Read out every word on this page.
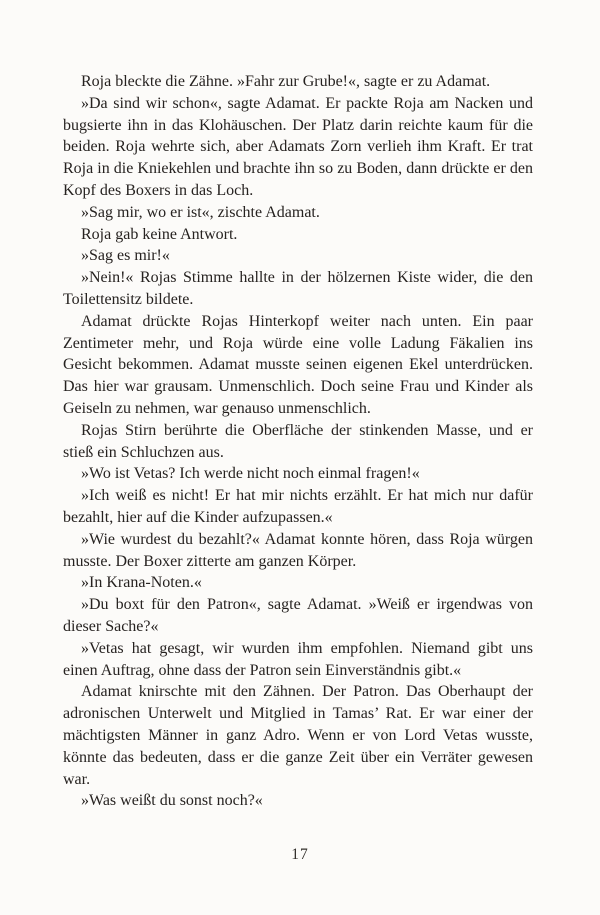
Roja bleckte die Zähne. »Fahr zur Grube!«, sagte er zu Adamat.

»Da sind wir schon«, sagte Adamat. Er packte Roja am Nacken und bugsierte ihn in das Klohäuschen. Der Platz darin reichte kaum für die beiden. Roja wehrte sich, aber Adamats Zorn verlieh ihm Kraft. Er trat Roja in die Kniekehlen und brachte ihn so zu Boden, dann drückte er den Kopf des Boxers in das Loch.

»Sag mir, wo er ist«, zischte Adamat.

Roja gab keine Antwort.

»Sag es mir!«

»Nein!« Rojas Stimme hallte in der hölzernen Kiste wider, die den Toilettensitz bildete.

Adamat drückte Rojas Hinterkopf weiter nach unten. Ein paar Zentimeter mehr, und Roja würde eine volle Ladung Fäkalien ins Gesicht bekommen. Adamat musste seinen eigenen Ekel unterdrücken. Das hier war grausam. Unmenschlich. Doch seine Frau und Kinder als Geiseln zu nehmen, war genauso unmenschlich.

Rojas Stirn berührte die Oberfläche der stinkenden Masse, und er stieß ein Schluchzen aus.

»Wo ist Vetas? Ich werde nicht noch einmal fragen!«

»Ich weiß es nicht! Er hat mir nichts erzählt. Er hat mich nur dafür bezahlt, hier auf die Kinder aufzupassen.«

»Wie wurdest du bezahlt?« Adamat konnte hören, dass Roja würgen musste. Der Boxer zitterte am ganzen Körper.

»In Krana-Noten.«

»Du boxt für den Patron«, sagte Adamat. »Weiß er irgendwas von dieser Sache?«

»Vetas hat gesagt, wir wurden ihm empfohlen. Niemand gibt uns einen Auftrag, ohne dass der Patron sein Einverständnis gibt.«

Adamat knirschte mit den Zähnen. Der Patron. Das Oberhaupt der adronischen Unterwelt und Mitglied in Tamas’ Rat. Er war einer der mächtigsten Männer in ganz Adro. Wenn er von Lord Vetas wusste, könnte das bedeuten, dass er die ganze Zeit über ein Verräter gewesen war.

»Was weißt du sonst noch?«

17
